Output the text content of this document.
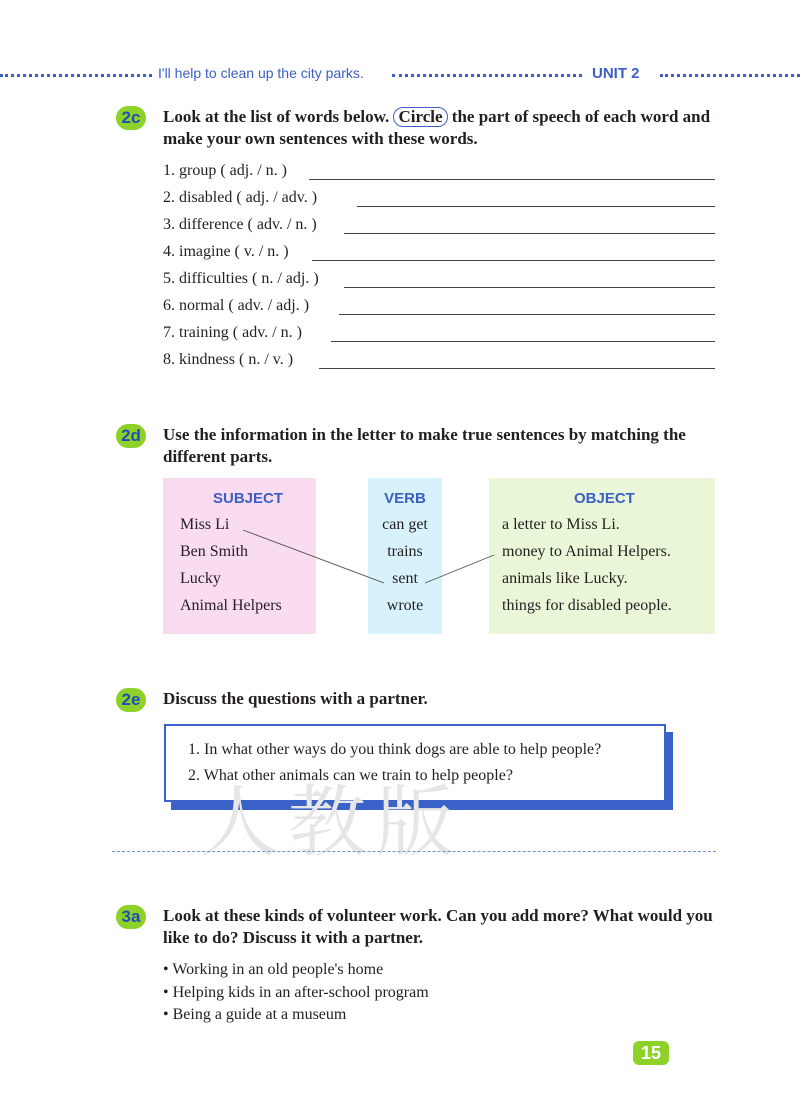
I'll help to clean up the city parks.	UNIT 2
2c	Look at the list of words below. Circle the part of speech of each word and make your own sentences with these words.
1. group ( adj. / n. )
2. disabled ( adj. / adv. )
3. difference ( adv. / n. )
4. imagine ( v. / n. )
5. difficulties ( n. / adj. )
6. normal ( adv. / adj. )
7. training ( adv. / n. )
8. kindness ( n. / v. )
2d Use the information in the letter to make true sentences by matching the different parts.
SUBJECT
Miss Li
Ben Smith
Lucky
Animal Helpers
VERB
can get
trains
sent
wrote
OBJECT
a letter to Miss Li.
money to Animal Helpers.
animals like Lucky.
things for disabled people.
2e	Discuss the questions with a partner.
1. In what other ways do you think dogs are able to help people?
2. What other animals can we train to help people?
人教版
3a	Look at these kinds of volunteer work. Can you add more? What would you like to do? Discuss it with a partner.
• Working in an old people's home
• Helping kids in an after-school program
• Being a guide at a museum
15
